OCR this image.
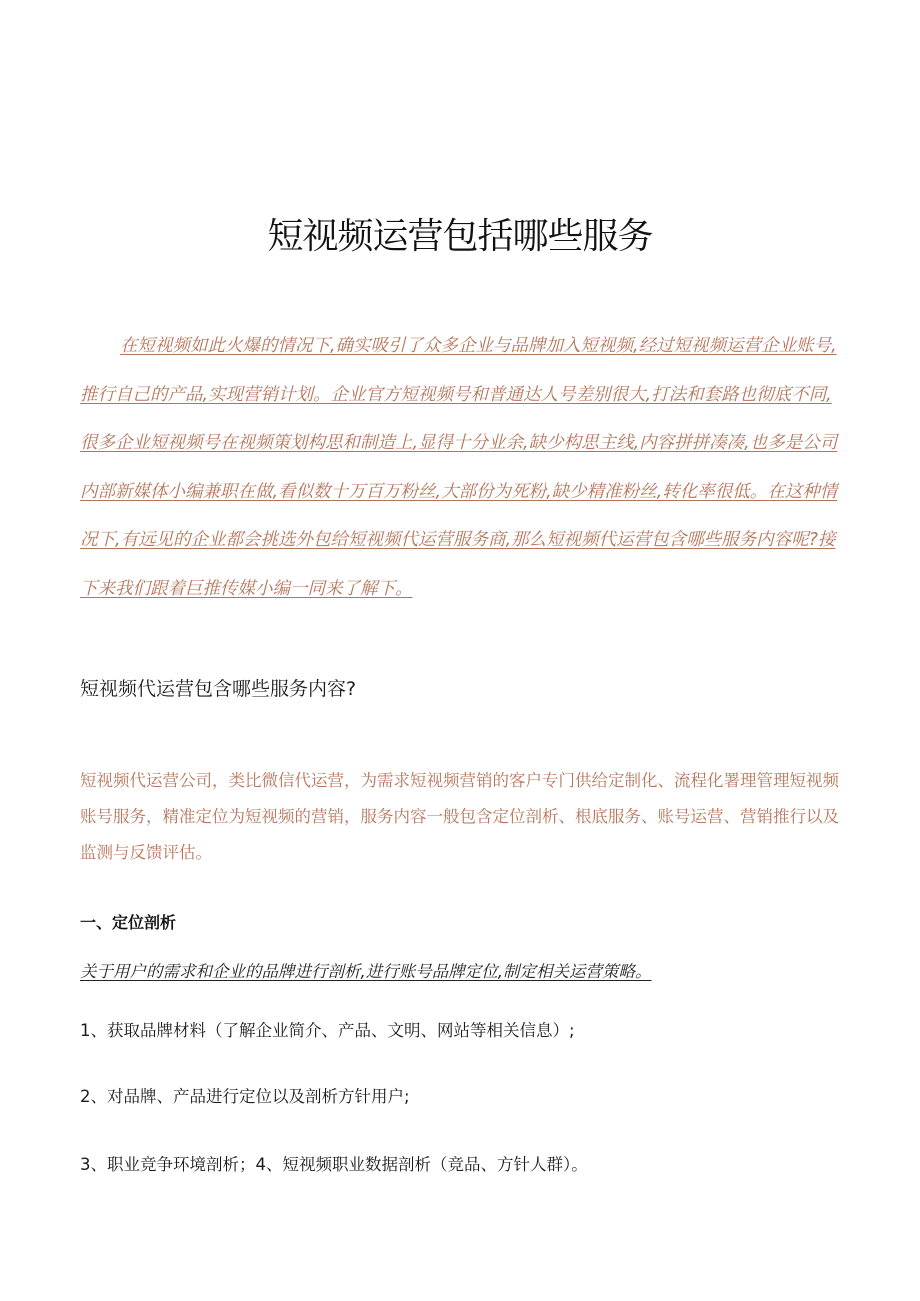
短视频运营包括哪些服务

在短视频如此火爆的情况下,确实吸引了众多企业与品牌加入短视频,经过短视频运营企业账号,推行自己的产品,实现营销计划。企业官方短视频号和普通达人号差别很大,打法和套路也彻底不同,很多企业短视频号在视频策划构思和制造上,显得十分业余,缺少构思主线,内容拼拼凑凑,也多是公司内部新媒体小编兼职在做,看似数十万百万粉丝,大部份为死粉,缺少精准粉丝,转化率很低。在这种情况下,有远见的企业都会挑选外包给短视频代运营服务商,那么短视频代运营包含哪些服务内容呢?接下来我们跟着巨推传媒小编一同来了解下。

短视频代运营包含哪些服务内容?

短视频代运营公司，类比微信代运营，为需求短视频营销的客户专门供给定制化、流程化署理管理短视频账号服务，精准定位为短视频的营销，服务内容一般包含定位剖析、根底服务、账号运营、营销推行以及监测与反馈评估。

一、定位剖析

关于用户的需求和企业的品牌进行剖析,进行账号品牌定位,制定相关运营策略。

1、获取品牌材料（了解企业简介、产品、文明、网站等相关信息）;

2、对品牌、产品进行定位以及剖析方针用户;

3、职业竞争环境剖析；4、短视频职业数据剖析（竞品、方针人群）。
